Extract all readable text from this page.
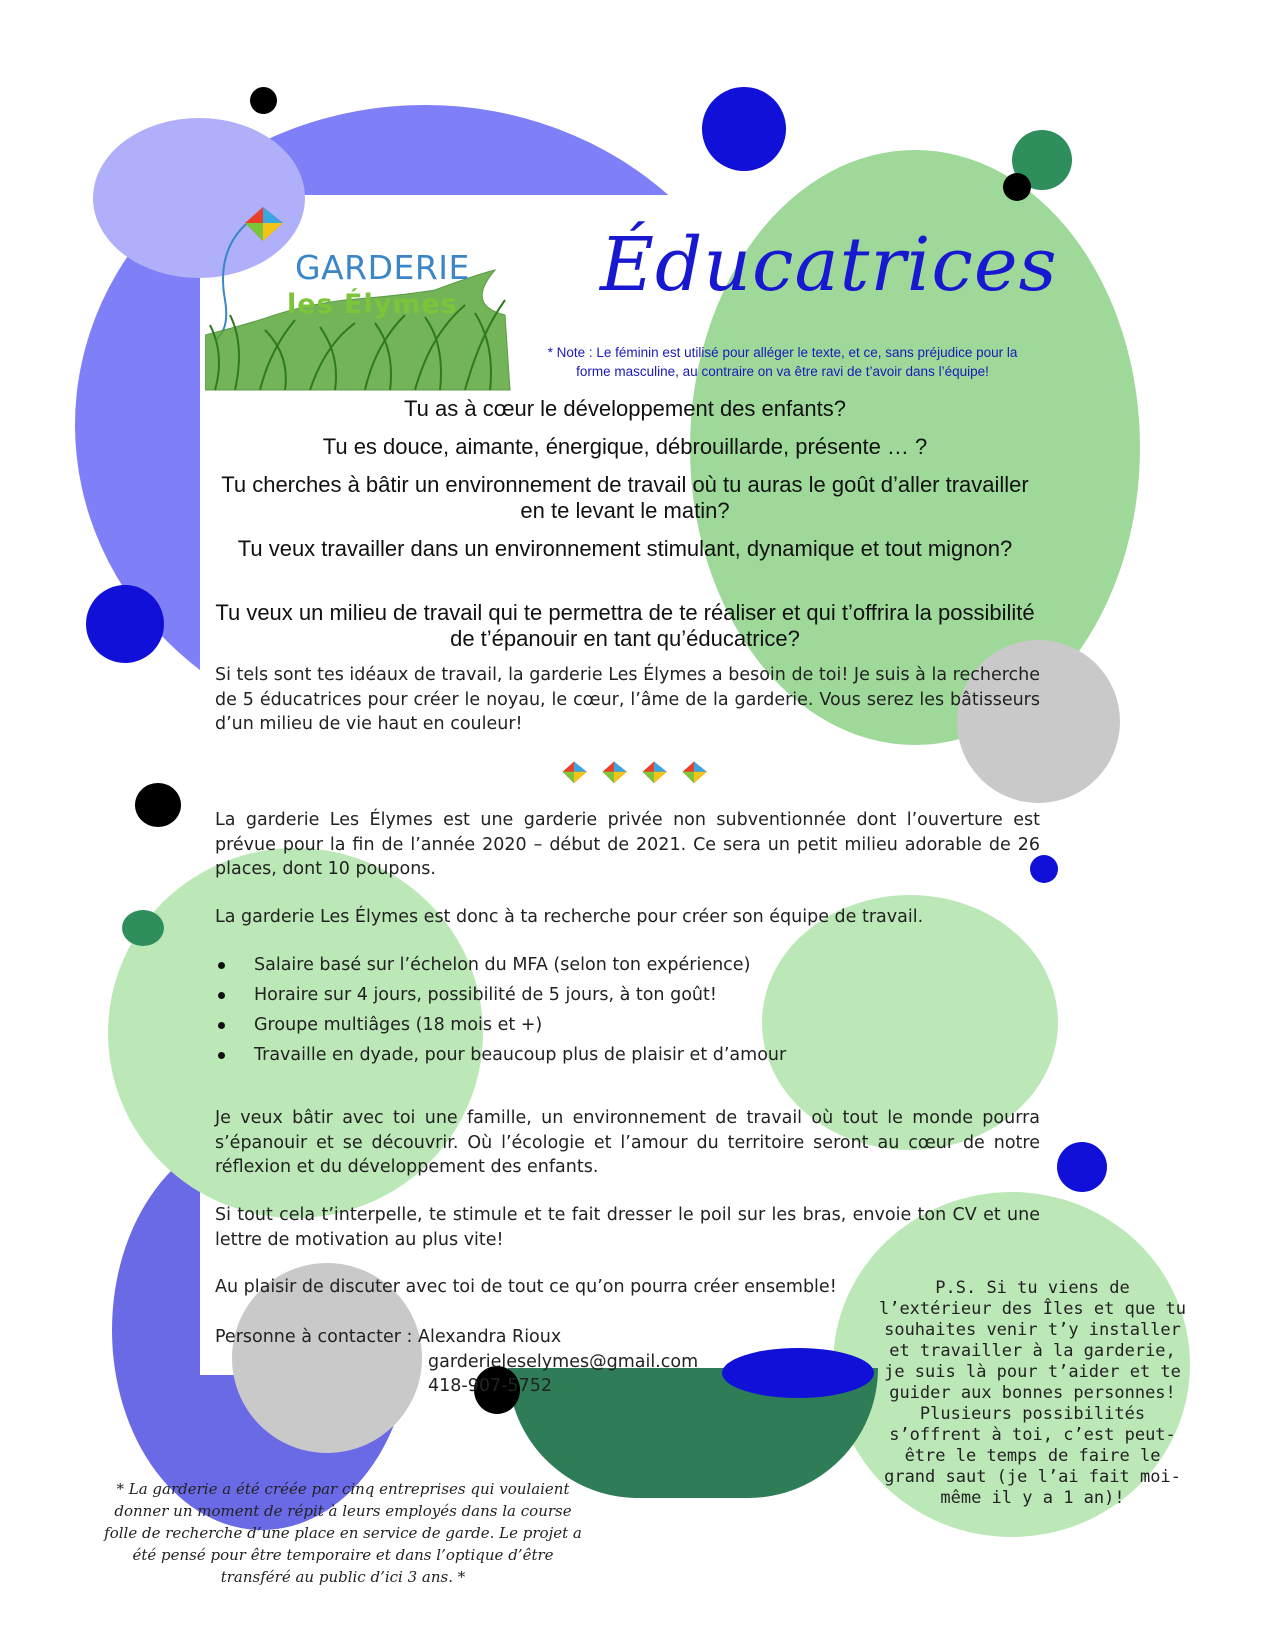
GARDERIE
les Élymes Éducatrices
* Note : Le féminin est utilisé pour alléger le texte, et ce, sans préjudice pour la forme masculine, au contraire on va être ravi de t’avoir dans l’équipe!
Tu as à cœur le développement des enfants?
Tu es douce, aimante, énergique, débrouillarde, présente … ?
Tu cherches à bâtir un environnement de travail où tu auras le goût d’aller travailler en te levant le matin?
Tu veux travailler dans un environnement stimulant, dynamique et tout mignon?
Tu veux un milieu de travail qui te permettra de te réaliser et qui t’offrira la possibilité de t’épanouir en tant qu’éducatrice?
Si tels sont tes idéaux de travail, la garderie Les Élymes a besoin de toi! Je suis à la recherche de 5 éducatrices pour créer le noyau, le cœur, l’âme de la garderie. Vous serez les bâtisseurs d’un milieu de vie haut en couleur!

La garderie Les Élymes est une garderie privée non subventionnée dont l’ouverture est prévue pour la fin de l’année 2020 – début de 2021. Ce sera un petit milieu adorable de 26 places, dont 10 poupons.
La garderie Les Élymes est donc à ta recherche pour créer son équipe de travail.
Salaire basé sur l’échelon du MFA (selon ton expérience)
Horaire sur 4 jours, possibilité de 5 jours, à ton goût!
Groupe multiâges (18 mois et +)
Travaille en dyade, pour beaucoup plus de plaisir et d’amour
Je veux bâtir avec toi une famille, un environnement de travail où tout le monde pourra s’épanouir et se découvrir. Où l’écologie et l’amour du territoire seront au cœur de notre réflexion et du développement des enfants.
Si tout cela t’interpelle, te stimule et te fait dresser le poil sur les bras, envoie ton CV et une lettre de motivation au plus vite!
Au plaisir de discuter avec toi de tout ce qu’on pourra créer ensemble!
Personne à contacter : Alexandra Rioux
garderieleselymes@gmail.com
418-907-5752
P.S. Si tu viens de l’extérieur des Îles et que tu souhaites venir t’y installer et travailler à la garderie, je suis là pour t’aider et te guider aux bonnes personnes! Plusieurs possibilités s’offrent à toi, c’est peut-être le temps de faire le grand saut (je l’ai fait moi-même il y a 1 an)!
* La garderie a été créée par cinq entreprises qui voulaient donner un moment de répit à leurs employés dans la course folle de recherche d’une place en service de garde. Le projet a été pensé pour être temporaire et dans l’optique d’être transféré au public d’ici 3 ans. *
